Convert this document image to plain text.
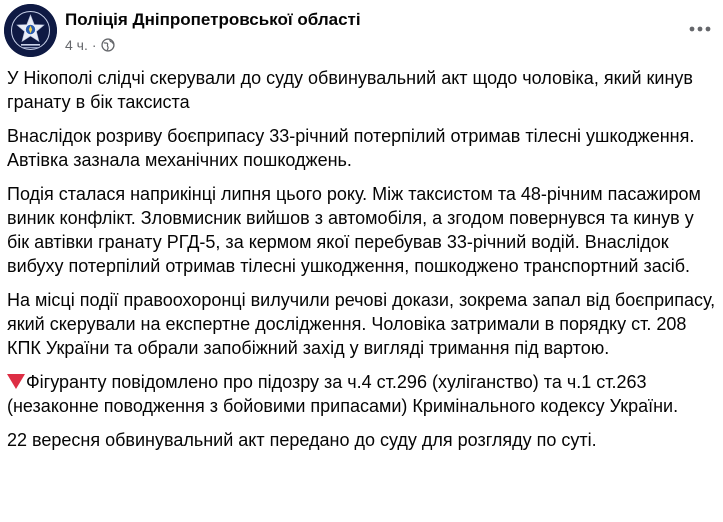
Поліція Дніпропетровської області
4 ч. ·

У Нікополі слідчі скерували до суду обвинувальний акт щодо чоловіка, який кинув гранату в бік таксиста

Внаслідок розриву боєприпасу 33-річний потерпілий отримав тілесні ушкодження. Автівка зазнала механічних пошкоджень.

Подія сталася наприкінці липня цього року. Між таксистом та 48-річним пасажиром виник конфлікт. Зловмисник вийшов з автомобіля, а згодом повернувся та кинув у бік автівки гранату РГД-5, за кермом якої перебував 33-річний водій. Внаслідок вибуху потерпілий отримав тілесні ушкодження, пошкоджено транспортний засіб.

На місці події правоохоронці вилучили речові докази, зокрема запал від боєприпасу, який скерували на експертне дослідження. Чоловіка затримали в порядку ст. 208 КПК України та обрали запобіжний захід у вигляді тримання під вартою.

Фігуранту повідомлено про підозру за ч.4 ст.296 (хуліганство) та ч.1 ст.263 (незаконне поводження з бойовими припасами) Кримінального кодексу України.

22 вересня обвинувальний акт передано до суду для розгляду по суті.
